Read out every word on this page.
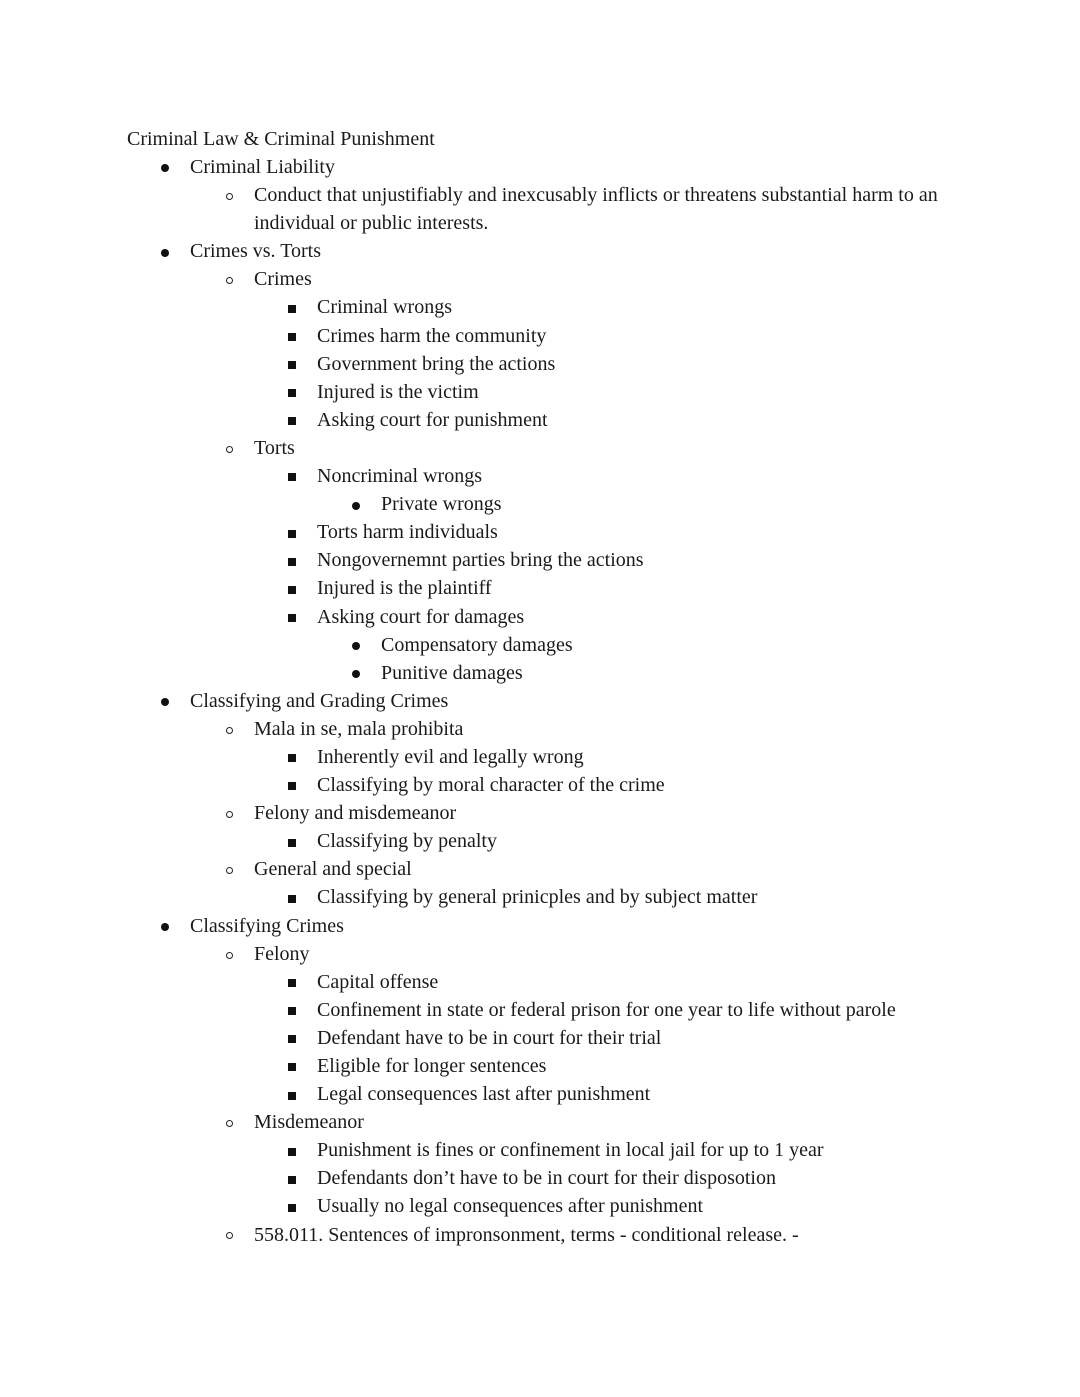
Criminal Law & Criminal Punishment
Criminal Liability
Conduct that unjustifiably and inexcusably inflicts or threatens substantial harm to an individual or public interests.
Crimes vs. Torts
Crimes
Criminal wrongs
Crimes harm the community
Government bring the actions
Injured is the victim
Asking court for punishment
Torts
Noncriminal wrongs
Private wrongs
Torts harm individuals
Nongovernemnt parties bring the actions
Injured is the plaintiff
Asking court for damages
Compensatory damages
Punitive damages
Classifying and Grading Crimes
Mala in se, mala prohibita
Inherently evil and legally wrong
Classifying by moral character of the crime
Felony and misdemeanor
Classifying by penalty
General and special
Classifying by general prinicples and by subject matter
Classifying Crimes
Felony
Capital offense
Confinement in state or federal prison for one year to life without parole
Defendant have to be in court for their trial
Eligible for longer sentences
Legal consequences last after punishment
Misdemeanor
Punishment is fines or confinement in local jail for up to 1 year
Defendants don’t have to be in court for their disposotion
Usually no legal consequences after punishment
558.011. Sentences of impronsonment, terms - conditional release. -
